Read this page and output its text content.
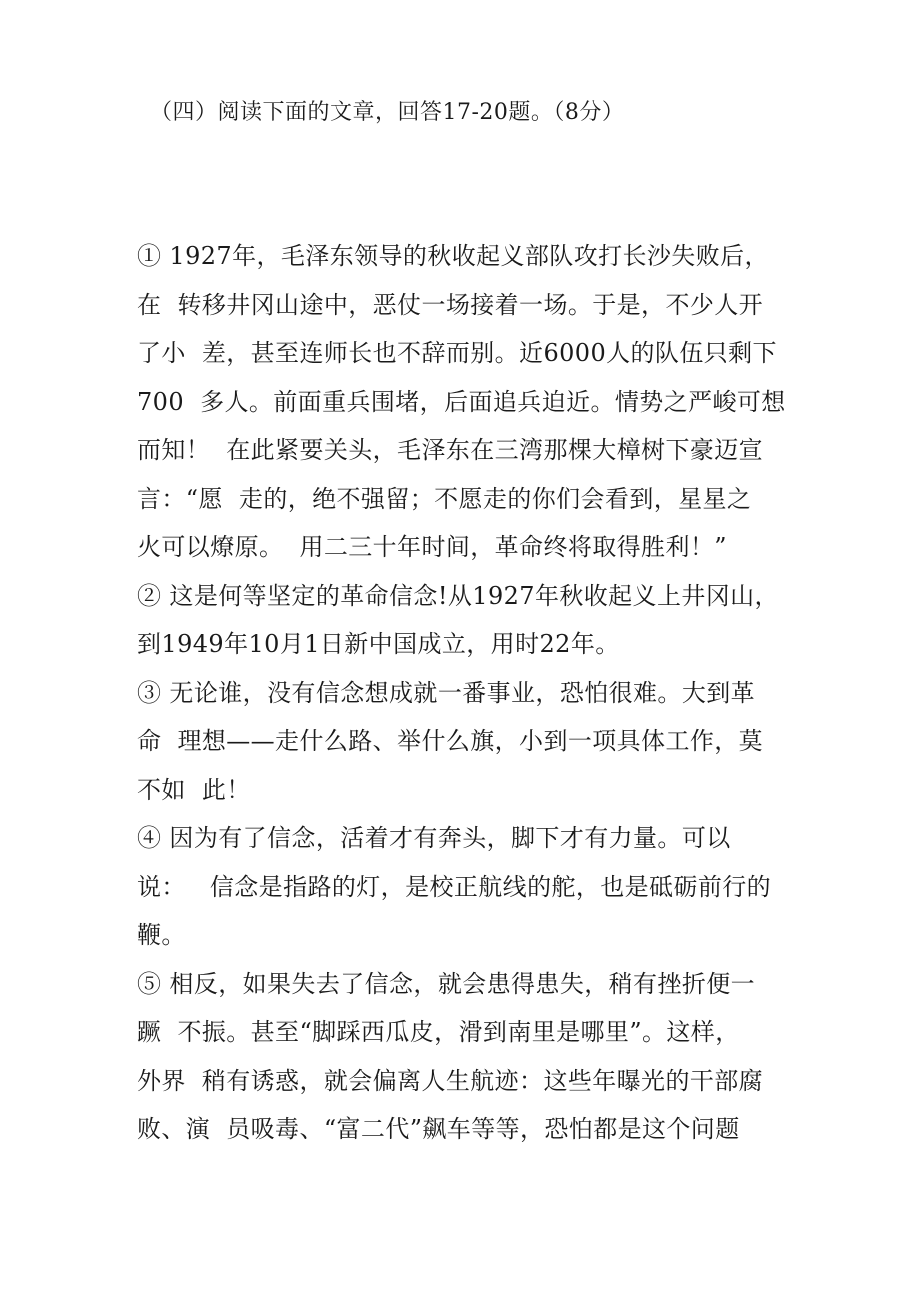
（四）阅读下面的文章，回答17-20题。（8分）
① 1927年，毛泽东领导的秋收起义部队攻打长沙失败后，
在  转移井冈山途中，恶仗一场接着一场。于是，不少人开
了小  差，甚至连师长也不辞而别。近6000人的队伍只剩下
700  多人。前面重兵围堵，后面追兵迫近。情势之严峻可想
而知！  在此紧要关头，毛泽东在三湾那棵大樟树下豪迈宣
言：“愿  走的，绝不强留；不愿走的你们会看到，星星之
火可以燎原。  用二三十年时间，革命终将取得胜利！”
② 这是何等坚定的革命信念!从1927年秋收起义上井冈山，
到1949年10月1日新中国成立，用时22年。
③ 无论谁，没有信念想成就一番事业，恐怕很难。大到革
命  理想——走什么路、举什么旗，小到一项具体工作，莫
不如  此！
④ 因为有了信念，活着才有奔头，脚下才有力量。可以
说：   信念是指路的灯，是校正航线的舵，也是砥砺前行的
鞭。
⑤ 相反，如果失去了信念，就会患得患失，稍有挫折便一
蹶  不振。甚至“脚踩西瓜皮，滑到南里是哪里”。这样，
外界  稍有诱惑，就会偏离人生航迹：这些年曝光的干部腐
败、演  员吸毒、“富二代”飙车等等，恐怕都是这个问题
